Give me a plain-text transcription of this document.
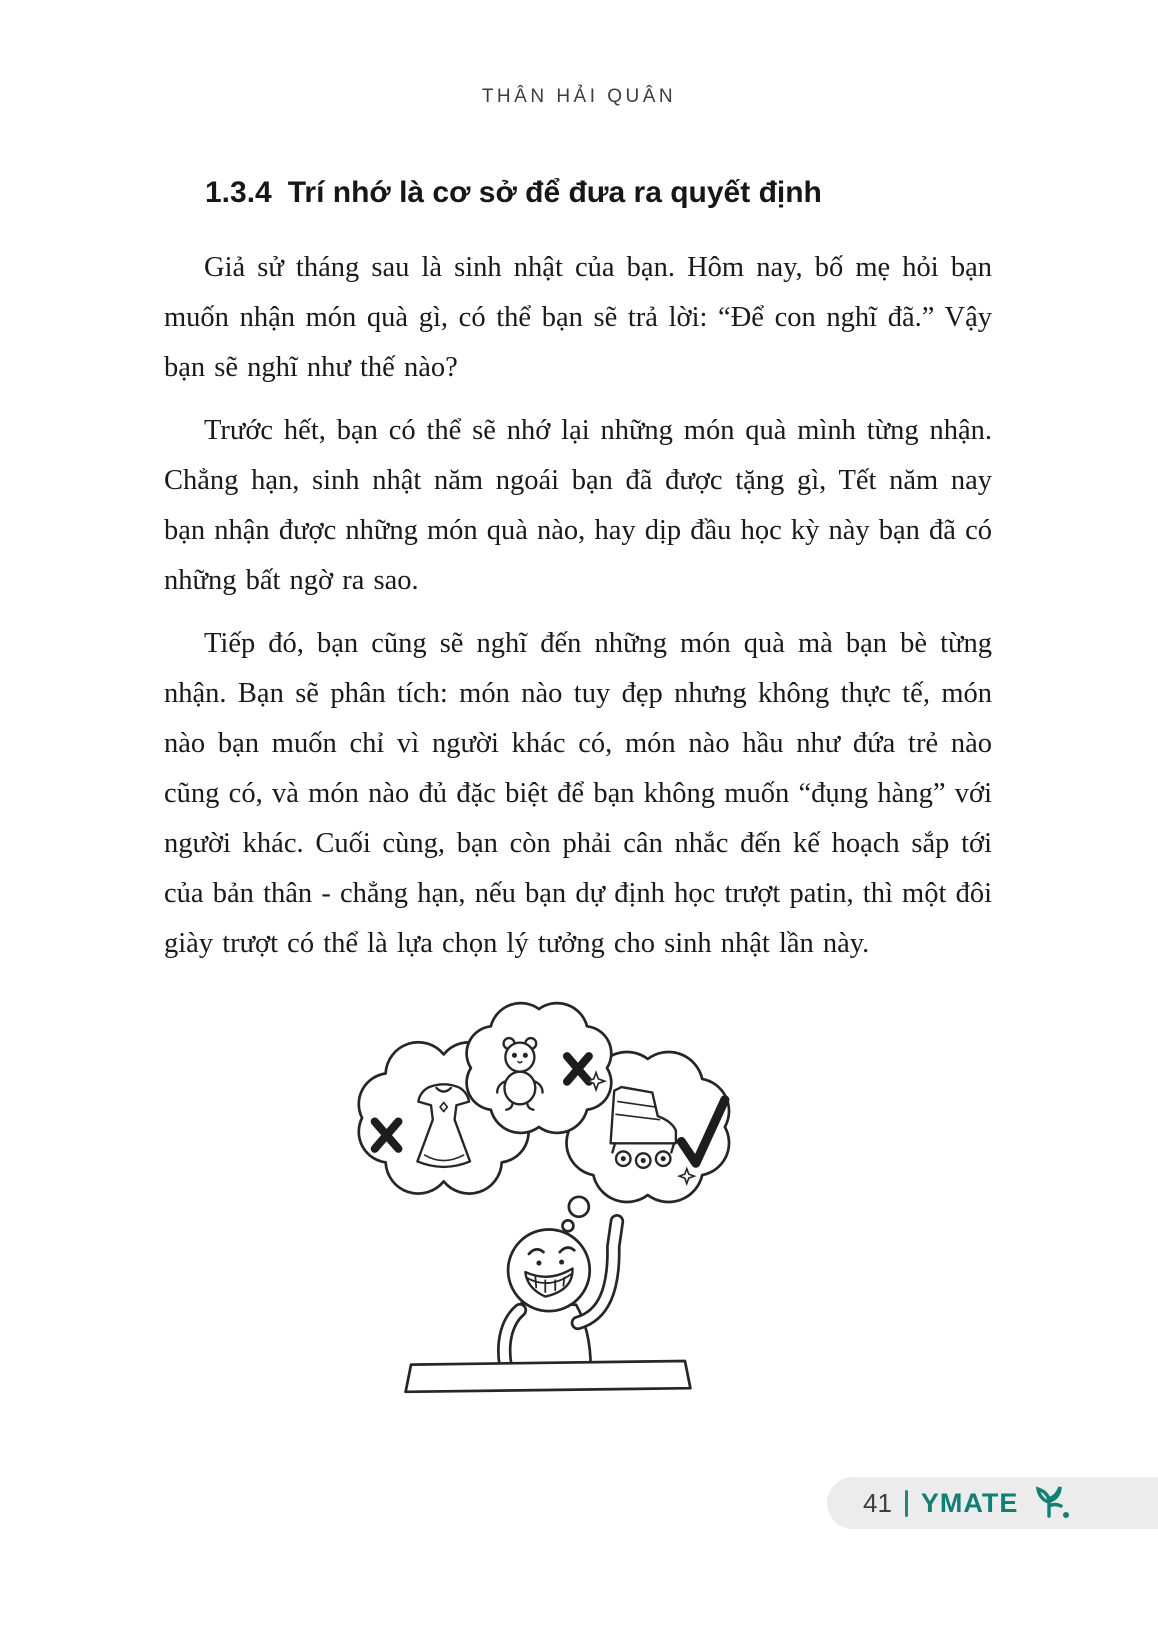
THÂN HẢI QUÂN
1.3.4 Trí nhớ là cơ sở để đưa ra quyết định

Giả sử tháng sau là sinh nhật của bạn. Hôm nay, bố mẹ hỏi bạn muốn nhận món quà gì, có thể bạn sẽ trả lời: “Để con nghĩ đã.” Vậy bạn sẽ nghĩ như thế nào?

Trước hết, bạn có thể sẽ nhớ lại những món quà mình từng nhận. Chẳng hạn, sinh nhật năm ngoái bạn đã được tặng gì, Tết năm nay bạn nhận được những món quà nào, hay dịp đầu học kỳ này bạn đã có những bất ngờ ra sao.

Tiếp đó, bạn cũng sẽ nghĩ đến những món quà mà bạn bè từng nhận. Bạn sẽ phân tích: món nào tuy đẹp nhưng không thực tế, món nào bạn muốn chỉ vì người khác có, món nào hầu như đứa trẻ nào cũng có, và món nào đủ đặc biệt để bạn không muốn “đụng hàng” với người khác. Cuối cùng, bạn còn phải cân nhắc đến kế hoạch sắp tới của bản thân - chẳng hạn, nếu bạn dự định học trượt patin, thì một đôi giày trượt có thể là lựa chọn lý tưởng cho sinh nhật lần này.

41 YMATE
